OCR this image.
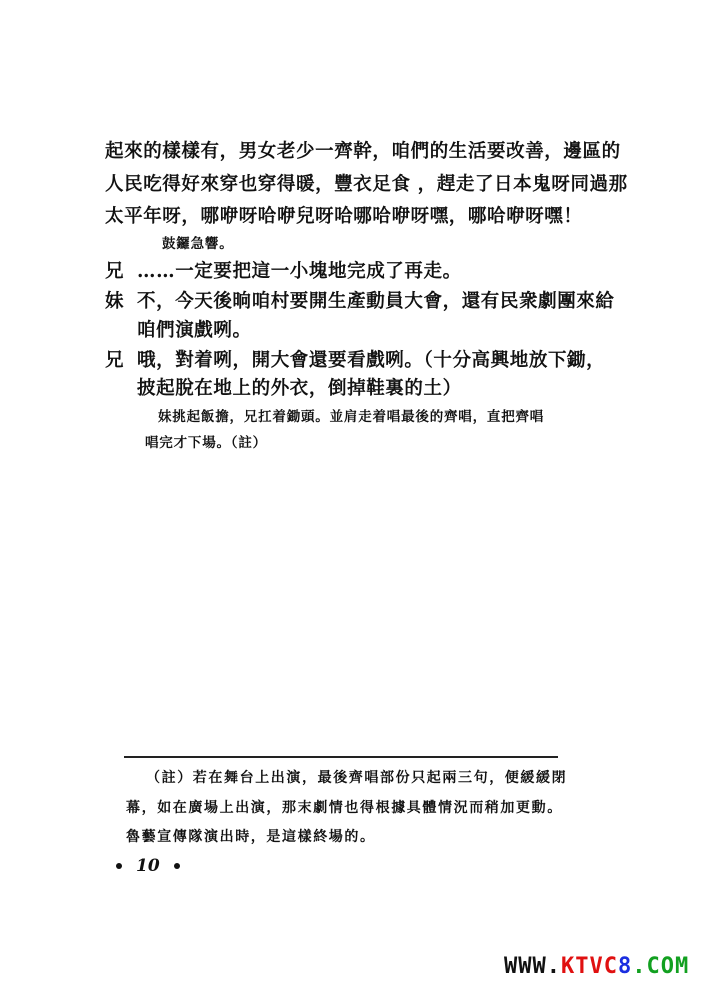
起來的樣樣有，男女老少一齊幹，咱們的生活要改善，邊區的
人民吃得好來穿也穿得暖，豐衣足食 ，趕走了日本鬼呀同過那
太平年呀，哪咿呀哈咿兒呀哈哪哈咿呀嘿，哪哈咿呀嘿！
鼓鑼急響。
兄 ……一定要把這一小塊地完成了再走。
妹 不，今天後晌咱村要開生產動員大會，還有民衆劇團來給
咱們演戲咧。
兄 哦，對着咧，開大會還要看戲咧。（十分高興地放下鋤，
披起脫在地上的外衣，倒掉鞋裏的土）
妹挑起飯擔，兄扛着鋤頭。並肩走着唱最後的齊唱，直把齊唱
唱完才下場。（註）
（註）若在舞台上出演，最後齊唱部份只起兩三句，便緩緩閉
幕，如在廣場上出演，那末劇情也得根據具體情況而稍加更動。
魯藝宣傳隊演出時，是這樣終場的。
10
WWW.KTVC8.COM
